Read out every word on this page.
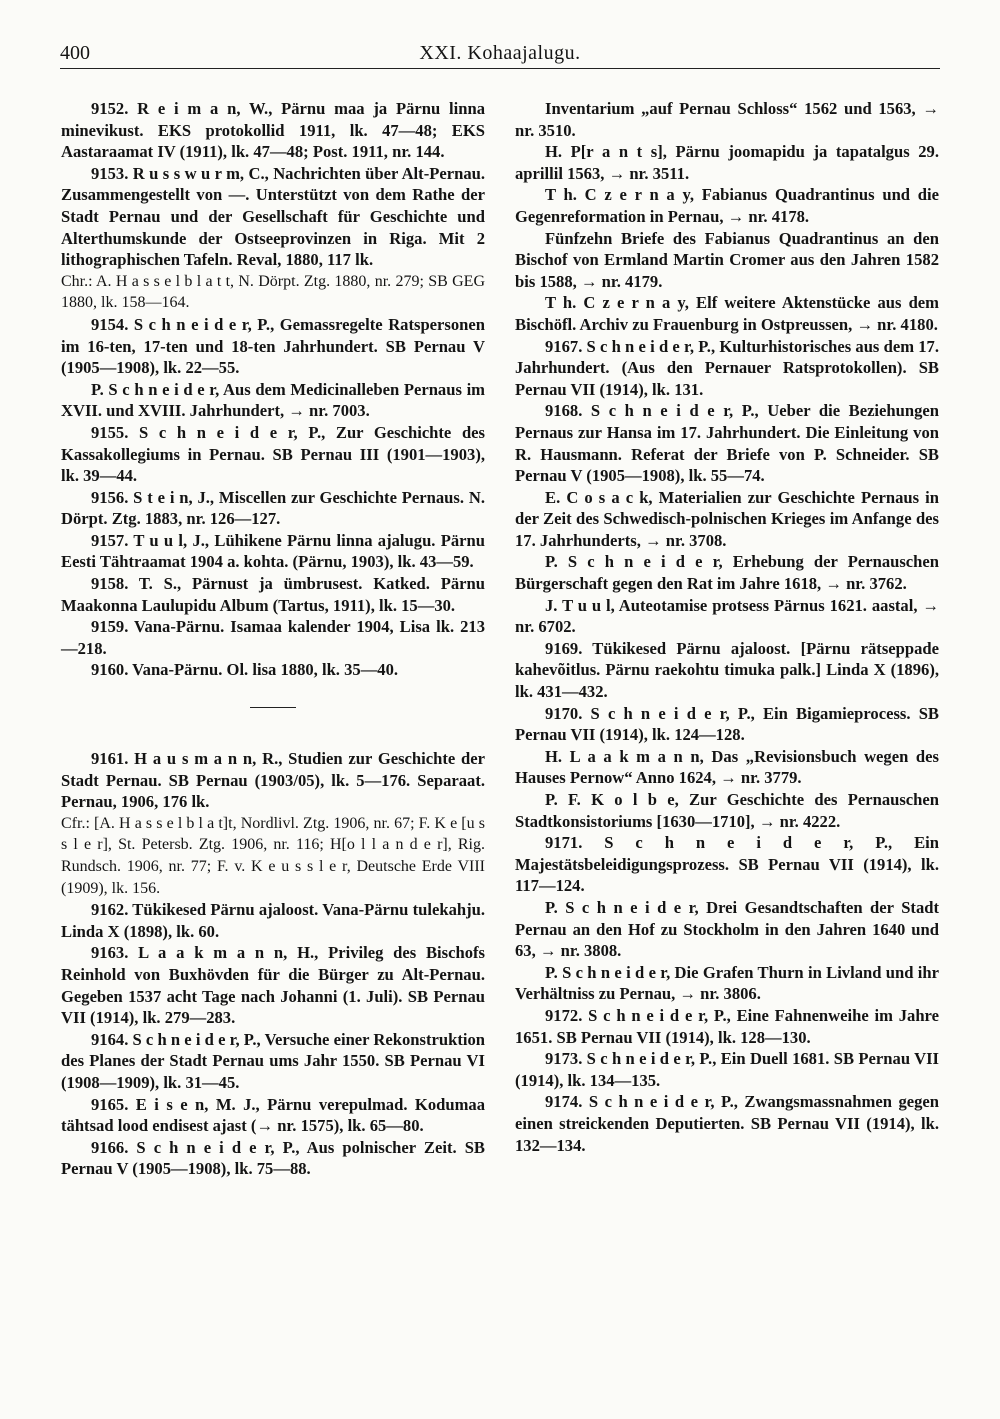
400	XXI. Kohaajalugu.

9152. R e i m a n, W., Pärnu maa ja Pärnu linna minevikust. EKS protokollid 1911, lk. 47—48; EKS Aastaraamat IV (1911), lk. 47—48; Post. 1911, nr. 144.

9153. R u s s w u r m, C., Nachrichten über Alt-Pernau. Zusammengestellt von —. Unterstützt von dem Rathe der Stadt Pernau und der Gesellschaft für Geschichte und Alterthumskunde der Ostseeprovinzen in Riga. Mit 2 lithographischen Tafeln. Reval, 1880, 117 lk.

Chr.: A. H a s s e l b l a t t, N. Dörpt. Ztg. 1880, nr. 279; SB GEG 1880, lk. 158—164.

9154. S c h n e i d e r, P., Gemassregelte Ratspersonen im 16-ten, 17-ten und 18-ten Jahrhundert. SB Pernau V (1905—1908), lk. 22—55.

P. S c h n e i d e r, Aus dem Medicinalleben Pernaus im XVII. und XVIII. Jahrhundert, → nr. 7003.

9155. S c h n e i d e r, P., Zur Geschichte des Kassakollegiums in Pernau. SB Pernau III (1901—1903), lk. 39—44.

9156. S t e i n, J., Miscellen zur Geschichte Pernaus. N. Dörpt. Ztg. 1883, nr. 126—127.

9157. T u u l, J., Lühikene Pärnu linna ajalugu. Pärnu Eesti Tähtraamat 1904 a. kohta. (Pärnu, 1903), lk. 43—59.

9158. T. S., Pärnust ja ümbrusest. Katked. Pärnu Maakonna Laulupidu Album (Tartus, 1911), lk. 15—30.

9159. Vana-Pärnu. Isamaa kalender 1904, Lisa lk. 213—218.

9160. Vana-Pärnu. Ol. lisa 1880, lk. 35—40.

9161. H a u s m a n n, R., Studien zur Geschichte der Stadt Pernau. SB Pernau (1903/05), lk. 5—176. Separaat. Pernau, 1906, 176 lk.

Cfr.: [A. H a s s e l b l a t]t, Nordlivl. Ztg. 1906, nr. 67; F. K e [u s s l e r], St. Petersb. Ztg. 1906, nr. 116; H[o l l a n d e r], Rig. Rundsch. 1906, nr. 77; F. v. K e u s s l e r, Deutsche Erde VIII (1909), lk. 156.

9162. Tükikesed Pärnu ajaloost. Vana-Pärnu tulekahju. Linda X (1898), lk. 60.

9163. L a a k m a n n, H., Privileg des Bischofs Reinhold von Buxhövden für die Bürger zu Alt-Pernau. Gegeben 1537 acht Tage nach Johanni (1. Juli). SB Pernau VII (1914), lk. 279—283.

9164. S c h n e i d e r, P., Versuche einer Rekonstruktion des Planes der Stadt Pernau ums Jahr 1550. SB Pernau VI (1908—1909), lk. 31—45.

9165. E i s e n, M. J., Pärnu verepulmad. Kodumaa tähtsad lood endisest ajast (→ nr. 1575), lk. 65—80.

9166. S c h n e i d e r, P., Aus polnischer Zeit. SB Pernau V (1905—1908), lk. 75—88.

Inventarium „auf Pernau Schloss“ 1562 und 1563, → nr. 3510.

H. P[r a n t s], Pärnu joomapidu ja tapatalgus 29. aprillil 1563, → nr. 3511.

T h. C z e r n a y, Fabianus Quadrantinus und die Gegenreformation in Pernau, → nr. 4178.

Fünfzehn Briefe des Fabianus Quadrantinus an den Bischof von Ermland Martin Cromer aus den Jahren 1582 bis 1588, → nr. 4179.

T h. C z e r n a y, Elf weitere Aktenstücke aus dem Bischöfl. Archiv zu Frauenburg in Ostpreussen, → nr. 4180.

9167. S c h n e i d e r, P., Kulturhistorisches aus dem 17. Jahrhundert. (Aus den Pernauer Ratsprotokollen). SB Pernau VII (1914), lk. 131.

9168. S c h n e i d e r, P., Ueber die Beziehungen Pernaus zur Hansa im 17. Jahrhundert. Die Einleitung von R. Hausmann. Referat der Briefe von P. Schneider. SB Pernau V (1905—1908), lk. 55—74.

E. C o s a c k, Materialien zur Geschichte Pernaus in der Zeit des Schwedisch-polnischen Krieges im Anfange des 17. Jahrhunderts, → nr. 3708.

P. S c h n e i d e r, Erhebung der Pernauschen Bürgerschaft gegen den Rat im Jahre 1618, → nr. 3762.

J. T u u l, Auteotamise protsess Pärnus 1621. aastal, → nr. 6702.

9169. Tükikesed Pärnu ajaloost. [Pärnu rätseppade kahevõitlus. Pärnu raekohtu timuka palk.] Linda X (1896), lk. 431—432.

9170. S c h n e i d e r, P., Ein Bigamieprocess. SB Pernau VII (1914), lk. 124—128.

H. L a a k m a n n, Das „Revisionsbuch wegen des Hauses Pernow“ Anno 1624, → nr. 3779.

P. F. K o l b e, Zur Geschichte des Pernauschen Stadtkonsistoriums [1630—1710], → nr. 4222.

9171. S c h n e i d e r, P., Ein Majestätsbeleidigungsprozess. SB Pernau VII (1914), lk. 117—124.

P. S c h n e i d e r, Drei Gesandtschaften der Stadt Pernau an den Hof zu Stockholm in den Jahren 1640 und 63, → nr. 3808.

P. S c h n e i d e r, Die Grafen Thurn in Livland und ihr Verhältniss zu Pernau, → nr. 3806.

9172. S c h n e i d e r, P., Eine Fahnenweihe im Jahre 1651. SB Pernau VII (1914), lk. 128—130.

9173. S c h n e i d e r, P., Ein Duell 1681. SB Pernau VII (1914), lk. 134—135.

9174. S c h n e i d e r, P., Zwangsmassnahmen gegen einen streickenden Deputierten. SB Pernau VII (1914), lk. 132—134.
